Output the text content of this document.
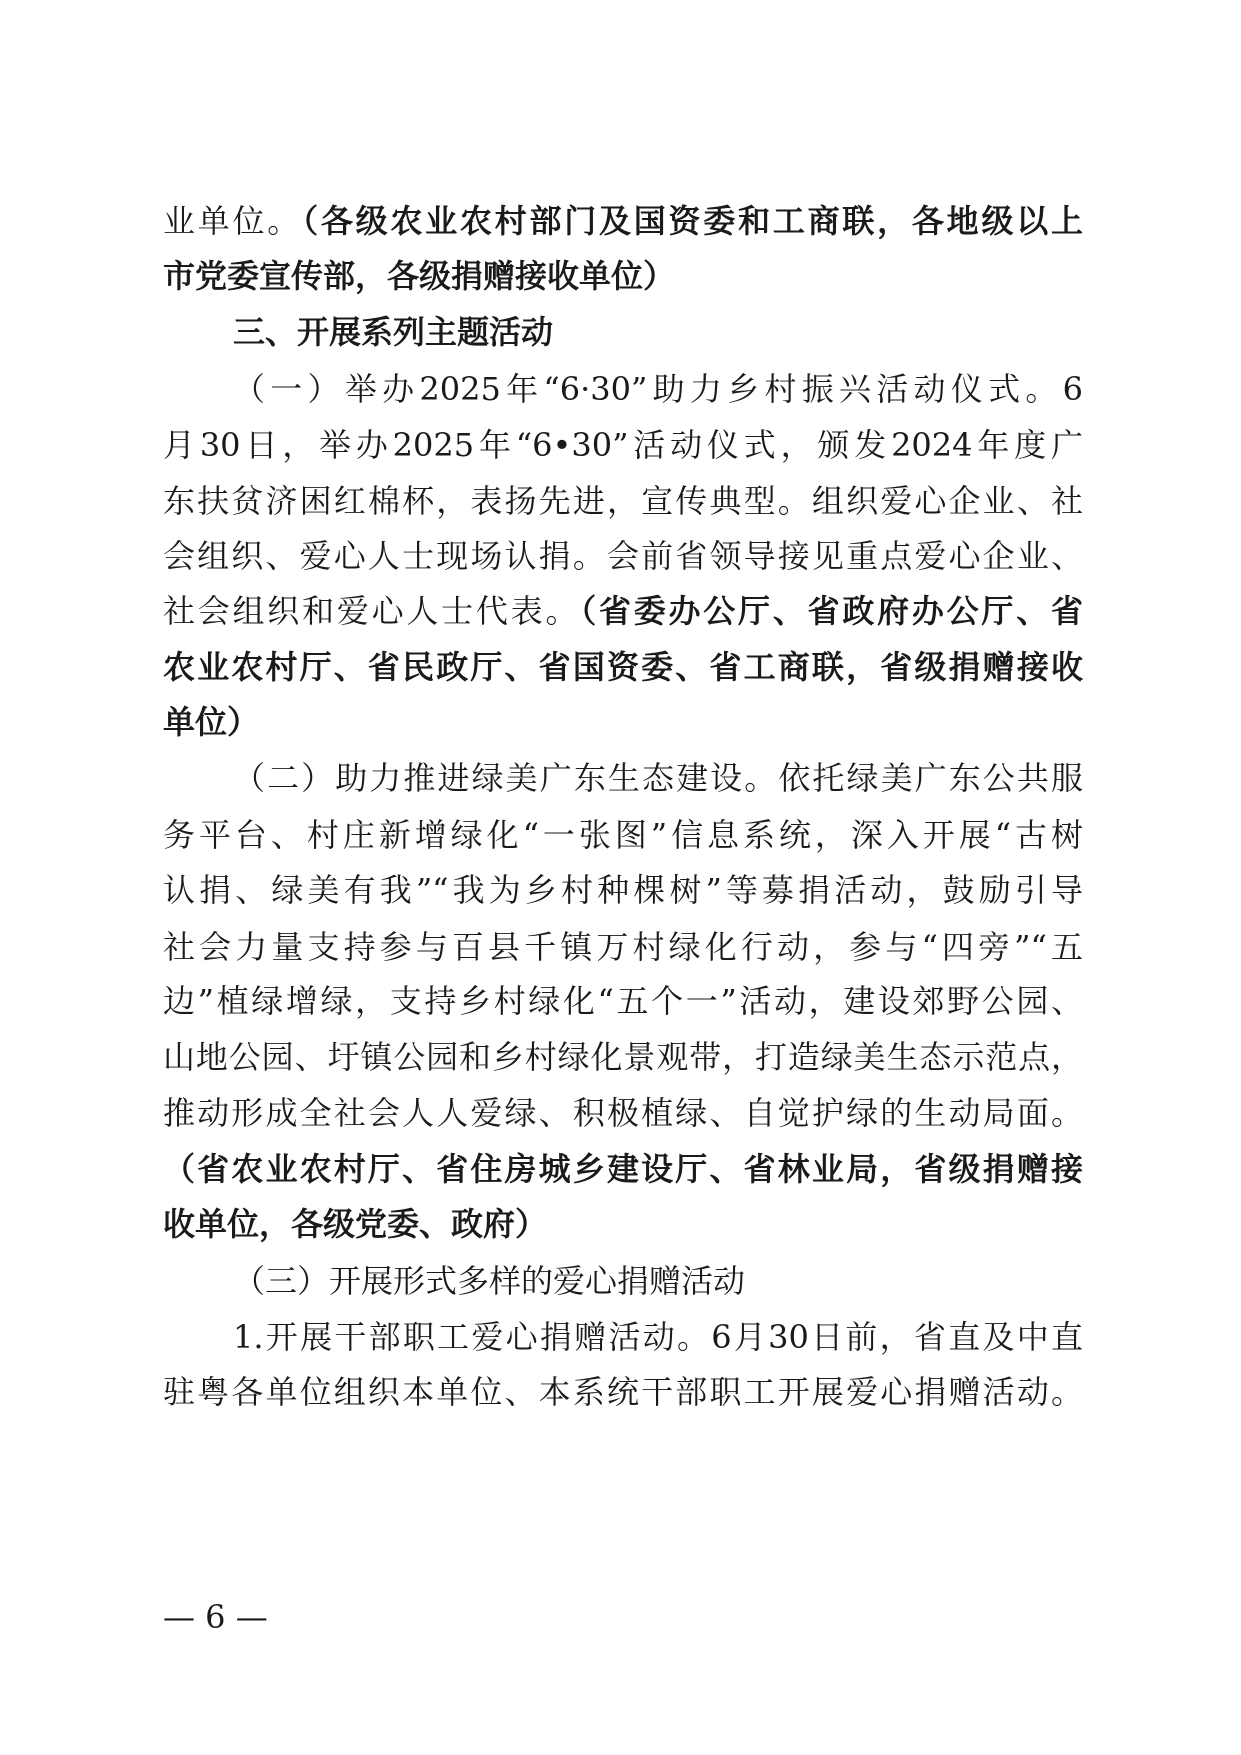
业单位。（各级农业农村部门及国资委和工商联，各地级以上
市党委宣传部，各级捐赠接收单位）
三、开展系列主题活动
（一）举办2025年“6·30”助力乡村振兴活动仪式。6
月30日，举办2025年“6•30”活动仪式，颁发2024年度广
东扶贫济困红棉杯，表扬先进，宣传典型。组织爱心企业、社
会组织、爱心人士现场认捐。会前省领导接见重点爱心企业、
社会组织和爱心人士代表。（省委办公厅、省政府办公厅、省
农业农村厅、省民政厅、省国资委、省工商联，省级捐赠接收
单位）
（二）助力推进绿美广东生态建设。依托绿美广东公共服
务平台、村庄新增绿化“一张图”信息系统，深入开展“古树
认捐、绿美有我”“我为乡村种棵树”等募捐活动，鼓励引导
社会力量支持参与百县千镇万村绿化行动，参与“四旁”“五
边”植绿增绿，支持乡村绿化“五个一”活动，建设郊野公园、
山地公园、圩镇公园和乡村绿化景观带，打造绿美生态示范点，
推动形成全社会人人爱绿、积极植绿、自觉护绿的生动局面。
（省农业农村厅、省住房城乡建设厅、省林业局，省级捐赠接
收单位，各级党委、政府）
（三）开展形式多样的爱心捐赠活动
1.开展干部职工爱心捐赠活动。6月30日前，省直及中直
驻粤各单位组织本单位、本系统干部职工开展爱心捐赠活动。
— 6 —
